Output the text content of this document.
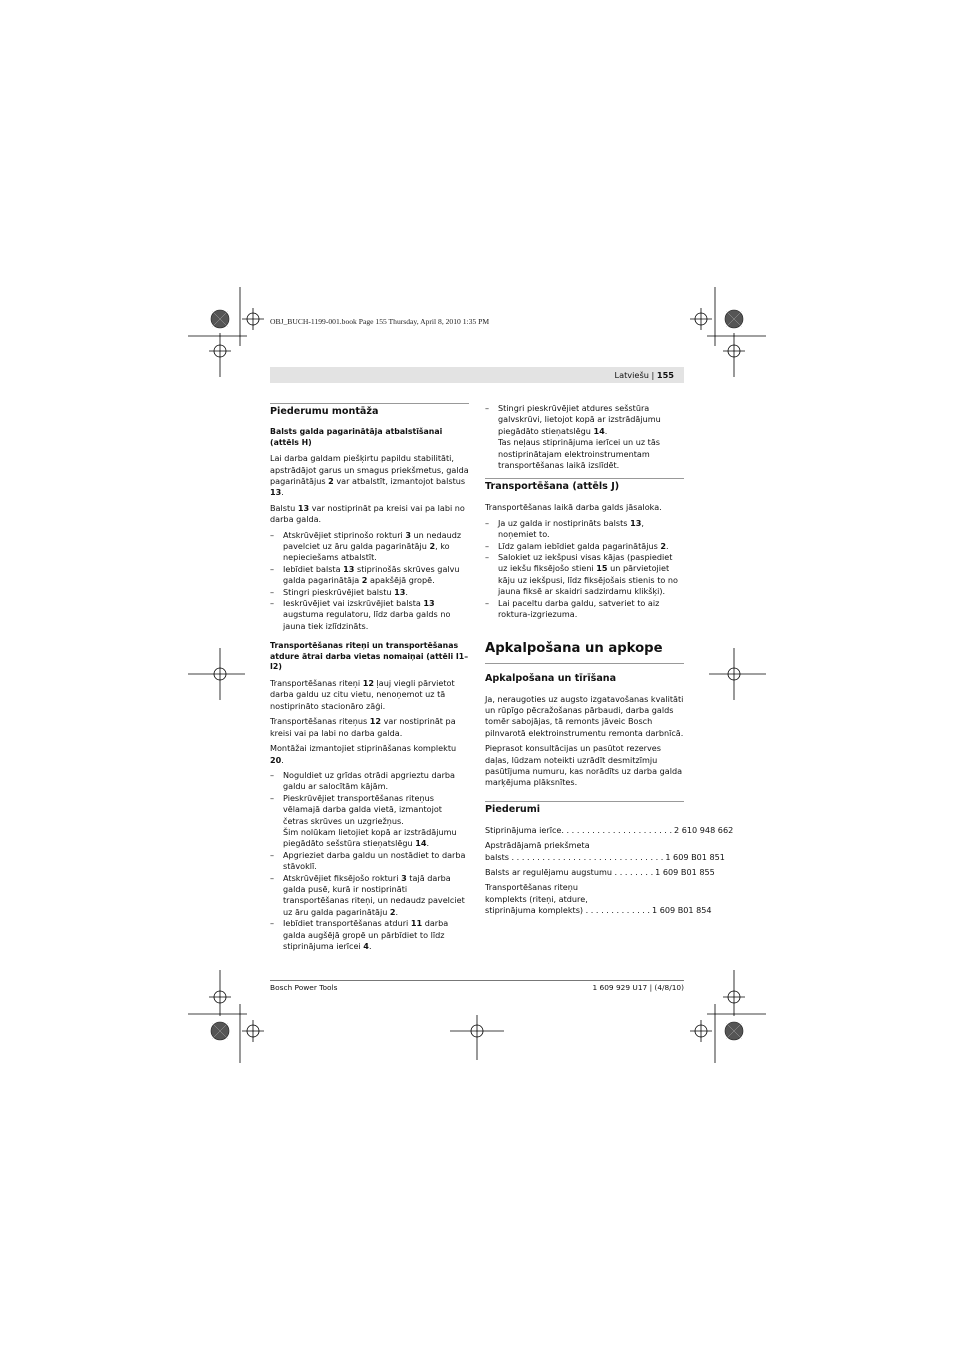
OBJ_BUCH-1199-001.book Page 155 Thursday, April 8, 2010 1:35 PM
Latviešu | 155
Piederumu montāža
Balsts galda pagarinātāja atbalstīšanai (attēls H)
Lai darba galdam piešķirtu papildu stabilitāti, apstrādājot garus un smagus priekšmetus, galda pagarinātājus 2 var atbalstīt, izmantojot balstus 13.
Balstu 13 var nostiprināt pa kreisi vai pa labi no darba galda.
– Atskrūvējiet stiprinošo rokturi 3 un nedaudz pavelciet uz āru galda pagarinātāju 2, ko nepieciešams atbalstīt.
– Iebīdiet balsta 13 stiprinošās skrūves galvu galda pagarinātāja 2 apakšējā gropē.
– Stingri pieskrūvējiet balstu 13.
– Ieskrūvējiet vai izskrūvējiet balsta 13 augstuma regulatoru, līdz darba galds no jauna tiek izlīdzināts.
Transportēšanas riteņi un transportēšanas atdure ātrai darba vietas nomaiņai (attēli I1–I2)
Transportēšanas riteņi 12 ļauj viegli pārvietot darba galdu uz citu vietu, nenoņemot uz tā nostiprināto stacionāro zāģi.
Transportēšanas riteņus 12 var nostiprināt pa kreisi vai pa labi no darba galda.
Montāžai izmantojiet stiprināšanas komplektu 20.
– Noguldiet uz grīdas otrādi apgrieztu darba galdu ar salocītām kājām.
– Pieskrūvējiet transportēšanas riteņus vēlamajā darba galda vietā, izmantojot četras skrūves un uzgriežņus.
Šim nolūkam lietojiet kopā ar izstrādājumu piegādāto sešstūra stieņatslēgu 14.
– Apgrieziet darba galdu un nostādiet to darba stāvoklī.
– Atskrūvējiet fiksējošo rokturi 3 tajā darba galda pusē, kurā ir nostiprināti transportēšanas riteņi, un nedaudz pavelciet uz āru galda pagarinātāju 2.
– Iebīdiet transportēšanas atduri 11 darba galda augšējā gropē un pārbīdiet to līdz stiprinājuma ierīcei 4.
– Stingri pieskrūvējiet atdures sešstūra galvskrūvi, lietojot kopā ar izstrādājumu piegādāto stieņatslēgu 14.
Tas neļaus stiprinājuma ierīcei un uz tās nostiprinātajam elektroinstrumentam transportēšanas laikā izslīdēt.
Transportēšana (attēls J)
Transportēšanas laikā darba galds jāsaloka.
– Ja uz galda ir nostiprināts balsts 13, noņemiet to.
– Līdz galam iebīdiet galda pagarinātājus 2.
– Salokiet uz iekšpusi visas kājas (paspiediet uz iekšu fiksējošo stieni 15 un pārvietojiet kāju uz iekšpusi, līdz fiksējošais stienis to no jauna fiksē ar skaidri sadzirdamu klikšķi).
– Lai paceltu darba galdu, satveriet to aiz roktura-izgriezuma.
Apkalpošana un apkope
Apkalpošana un tīrīšana
Ja, neraugoties uz augsto izgatavošanas kvalitāti un rūpīgo pēcražošanas pārbaudi, darba galds tomēr sabojājas, tā remonts jāveic Bosch pilnvarotā elektroinstrumentu remonta darbnīcā.
Pieprasot konsultācijas un pasūtot rezerves daļas, lūdzam noteikti uzrādīt desmitzīmju pasūtījuma numuru, kas norādīts uz darba galda marķējuma plāksnītes.
Piederumi
Stiprinājuma ierīce. . . . . . . . . . . . . . . . . . . . . . 2 610 948 662
Apstrādājamā priekšmeta
balsts . . . . . . . . . . . . . . . . . . . . . . . . . . . . . . 1 609 B01 851
Balsts ar regulējamu augstumu . . . . . . . . 1 609 B01 855
Transportēšanas riteņu
komplekts (riteņi, atdure,
stiprinājuma komplekts) . . . . . . . . . . . . . 1 609 B01 854
Bosch Power Tools	1 609 929 U17 | (4/8/10)
